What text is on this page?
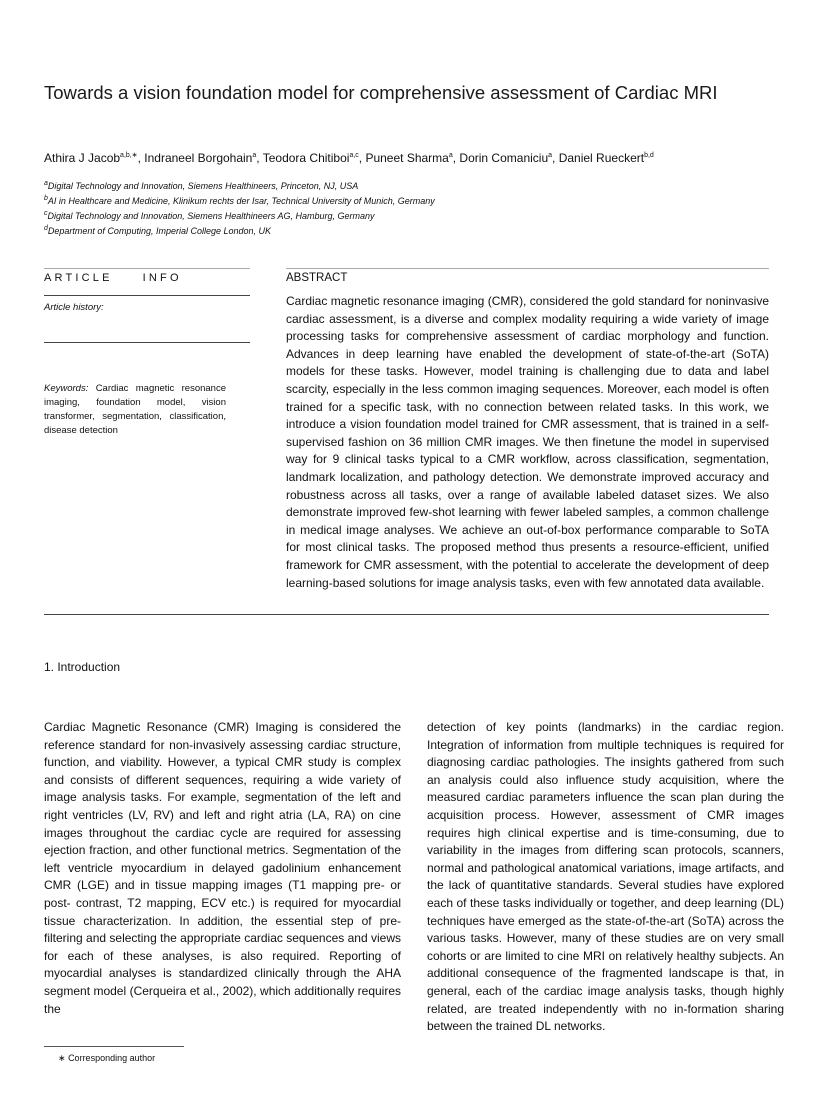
Towards a vision foundation model for comprehensive assessment of Cardiac MRI
Athira J Jacob$^{a,b,∗}$, Indraneel Borgohain$^a$, Teodora Chitiboi$^{a,c}$, Puneet Sharma$^a$, Dorin Comaniciu$^a$, Daniel Rueckert$^{b,d}$
$^a$Digital Technology and Innovation, Siemens Healthineers, Princeton, NJ, USA
$^b$AI in Healthcare and Medicine, Klinikum rechts der Isar, Technical University of Munich, Germany
$^c$Digital Technology and Innovation, Siemens Healthineers AG, Hamburg, Germany
$^d$Department of Computing, Imperial College London, UK
ARTICLE	INFO
Article history:
Keywords: Cardiac magnetic resonance imaging, foundation model, vision transformer, segmentation, classification, disease detection
ABSTRACT
Cardiac magnetic resonance imaging (CMR), considered the gold standard for noninvasive cardiac assessment, is a diverse and complex modality requiring a wide variety of image processing tasks for comprehensive assessment of cardiac morphology and function. Advances in deep learning have enabled the development of state-of-the-art (SoTA) models for these tasks. However, model training is challenging due to data and label scarcity, especially in the less common imaging sequences. Moreover, each model is often trained for a specific task, with no connection between related tasks. In this work, we introduce a vision foundation model trained for CMR assessment, that is trained in a self-supervised fashion on 36 million CMR images. We then finetune the model in supervised way for 9 clinical tasks typical to a CMR workflow, across classification, segmentation, landmark localization, and pathology detection. We demonstrate improved accuracy and robustness across all tasks, over a range of available labeled dataset sizes. We also demonstrate improved few-shot learning with fewer labeled samples, a common challenge in medical image analyses. We achieve an out-of-box performance comparable to SoTA for most clinical tasks. The proposed method thus presents a resource-efficient, unified framework for CMR assessment, with the potential to accelerate the development of deep learning-based solutions for image analysis tasks, even with few annotated data available.
1. Introduction
Cardiac Magnetic Resonance (CMR) Imaging is considered the reference standard for non-invasively assessing cardiac structure, function, and viability. However, a typical CMR study is complex and consists of different sequences, requiring a wide variety of image analysis tasks. For example, segmentation of the left and right ventricles (LV, RV) and left and right atria (LA, RA) on cine images throughout the cardiac cycle are required for assessing ejection fraction, and other functional metrics. Segmentation of the left ventricle myocardium in delayed gadolinium enhancement CMR (LGE) and in tissue mapping images (T1 mapping pre- or post- contrast, T2 mapping, ECV etc.) is required for myocardial tissue characterization. In addition, the essential step of pre-filtering and selecting the appropriate cardiac sequences and views for each of these analyses, is also required. Reporting of myocardial analyses is standardized clinically through the AHA segment model (Cerqueira et al., 2002), which additionally requires the
detection of key points (landmarks) in the cardiac region. Integration of information from multiple techniques is required for diagnosing cardiac pathologies. The insights gathered from such an analysis could also influence study acquisition, where the measured cardiac parameters influence the scan plan during the acquisition process. However, assessment of CMR images requires high clinical expertise and is time-consuming, due to variability in the images from differing scan protocols, scanners, normal and pathological anatomical variations, image artifacts, and the lack of quantitative standards. Several studies have explored each of these tasks individually or together, and deep learning (DL) techniques have emerged as the state-of-the-art (SoTA) across the various tasks. However, many of these studies are on very small cohorts or are limited to cine MRI on relatively healthy subjects. An additional consequence of the fragmented landscape is that, in general, each of the cardiac image analysis tasks, though highly related, are treated independently with no in-formation sharing between the trained DL networks.
∗ Corresponding author
